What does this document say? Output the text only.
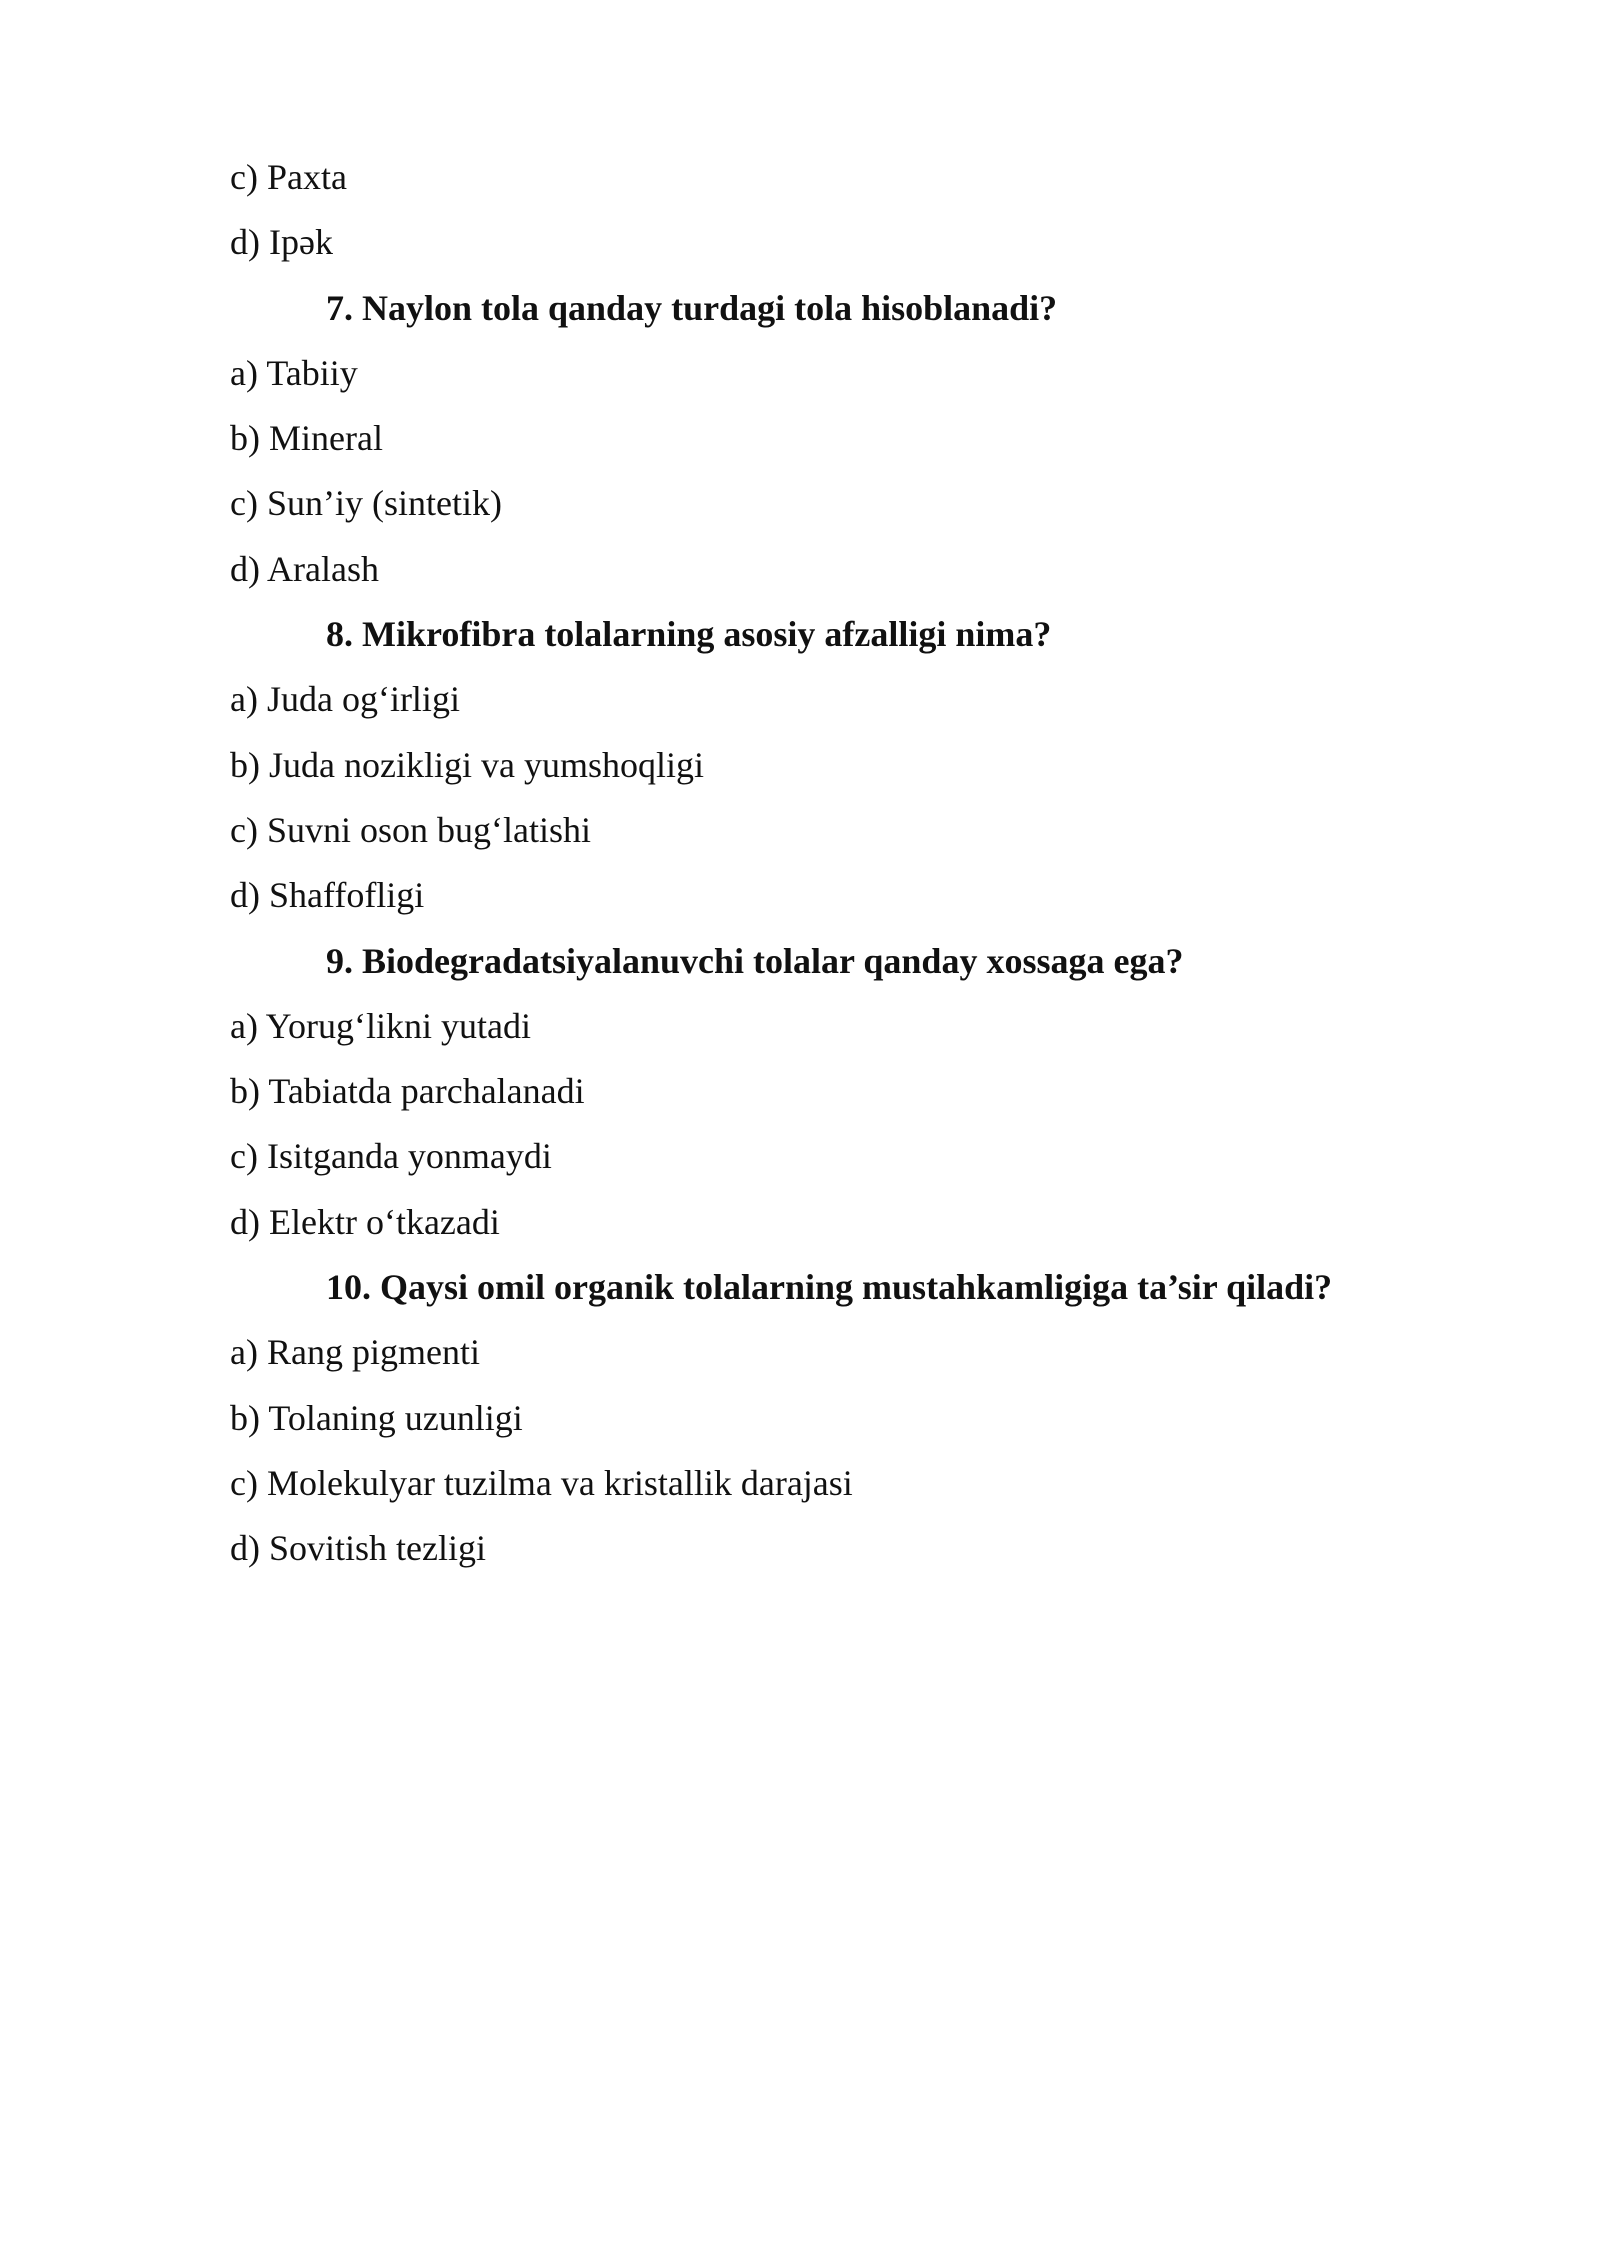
c) Paxta
d) Ipək
7. Naylon tola qanday turdagi tola hisoblanadi?
a) Tabiiy
b) Mineral
c) Sun’iy (sintetik)
d) Aralash
8. Mikrofibra tolalarning asosiy afzalligi nima?
a) Juda og‘irligi
b) Juda nozikligi va yumshoqligi
c) Suvni oson bug‘latishi
d) Shaffofligi
9. Biodegradatsiyalanuvchi tolalar qanday xossaga ega?
a) Yorug‘likni yutadi
b) Tabiatda parchalanadi
c) Isitganda yonmaydi
d) Elektr o‘tkazadi
10. Qaysi omil organik tolalarning mustahkamligiga ta’sir qiladi?
a) Rang pigmenti
b) Tolaning uzunligi
c) Molekulyar tuzilma va kristallik darajasi
d) Sovitish tezligi
